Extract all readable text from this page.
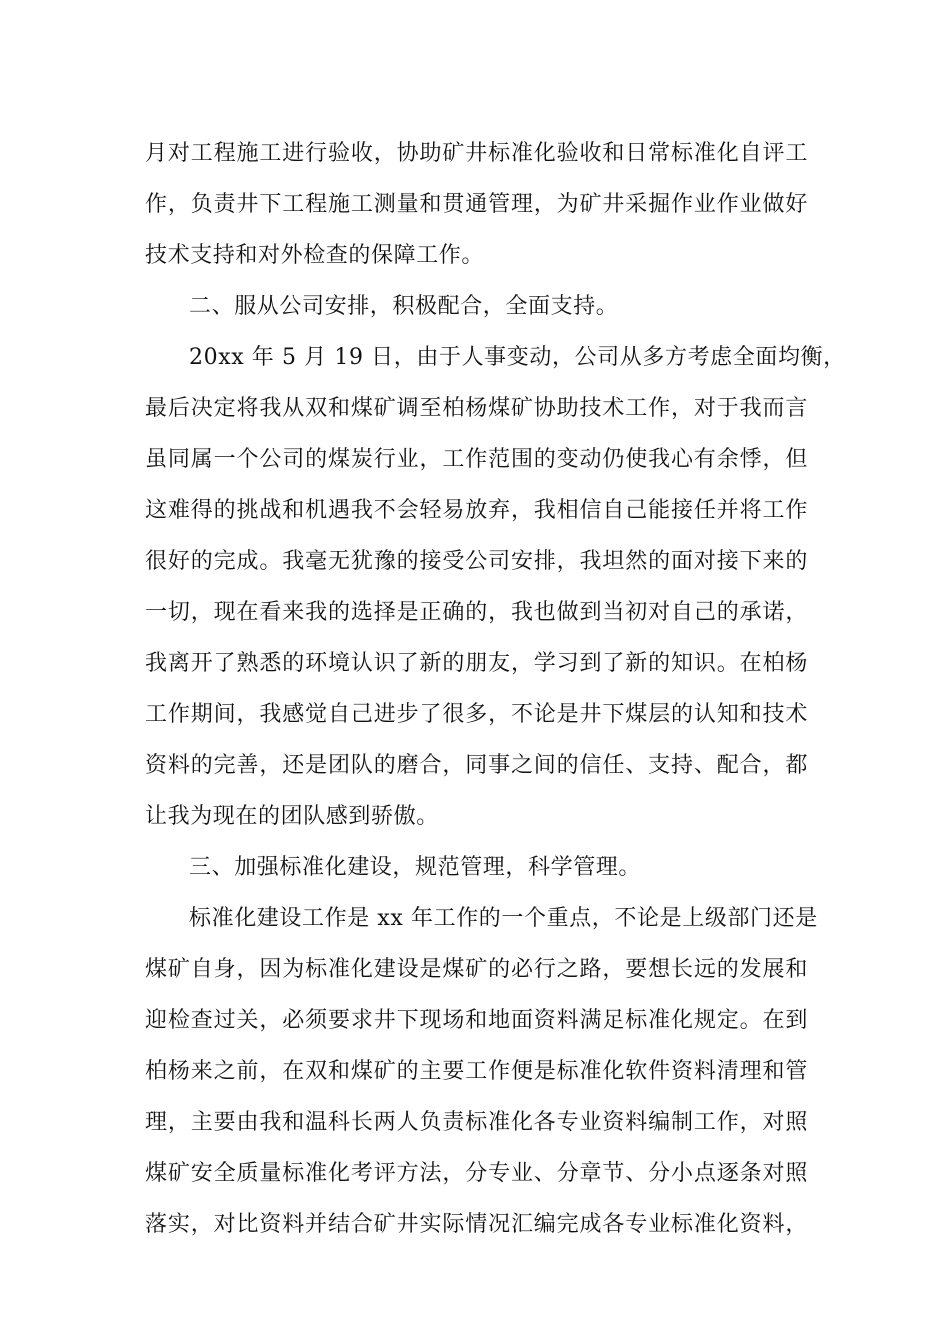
月对工程施工进行验收，协助矿井标准化验收和日常标准化自评工
作，负责井下工程施工测量和贯通管理，为矿井采掘作业作业做好
技术支持和对外检查的保障工作。
二、服从公司安排，积极配合，全面支持。
20xx 年 5 月 19 日，由于人事变动，公司从多方考虑全面均衡，
最后决定将我从双和煤矿调至柏杨煤矿协助技术工作，对于我而言
虽同属一个公司的煤炭行业，工作范围的变动仍使我心有余悸，但
这难得的挑战和机遇我不会轻易放弃，我相信自己能接任并将工作
很好的完成。我毫无犹豫的接受公司安排，我坦然的面对接下来的
一切，现在看来我的选择是正确的，我也做到当初对自己的承诺，
我离开了熟悉的环境认识了新的朋友，学习到了新的知识。在柏杨
工作期间，我感觉自己进步了很多，不论是井下煤层的认知和技术
资料的完善，还是团队的磨合，同事之间的信任、支持、配合，都
让我为现在的团队感到骄傲。
三、加强标准化建设，规范管理，科学管理。
标准化建设工作是 xx 年工作的一个重点，不论是上级部门还是
煤矿自身，因为标准化建设是煤矿的必行之路，要想长远的发展和
迎检查过关，必须要求井下现场和地面资料满足标准化规定。在到
柏杨来之前，在双和煤矿的主要工作便是标准化软件资料清理和管
理，主要由我和温科长两人负责标准化各专业资料编制工作，对照
煤矿安全质量标准化考评方法，分专业、分章节、分小点逐条对照
落实，对比资料并结合矿井实际情况汇编完成各专业标准化资料，
